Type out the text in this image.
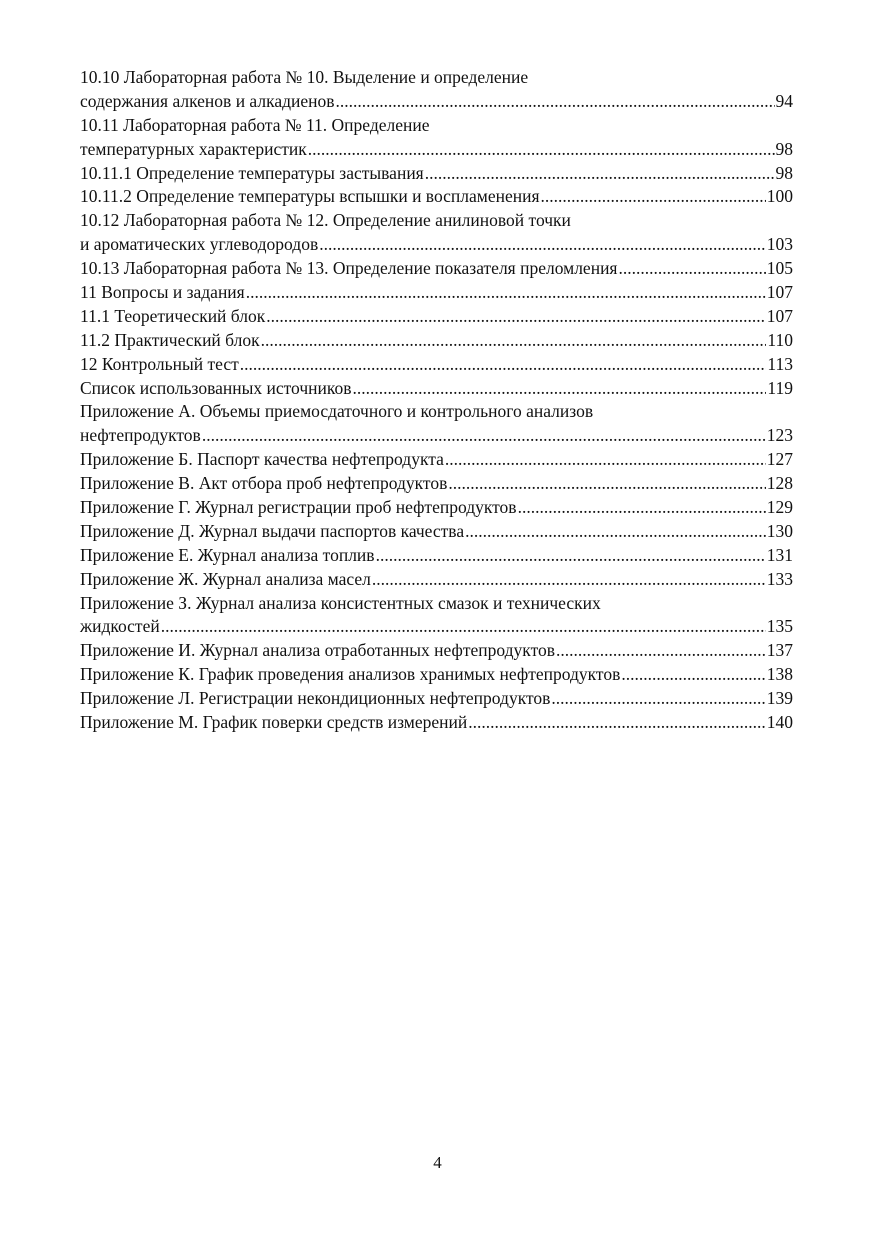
10.10 Лабораторная работа № 10. Выделение и определение
содержания алкенов и алкадиенов .....	94
10.11 Лабораторная работа № 11. Определение
температурных характеристик .....	98
10.11.1 Определение температуры застывания .....	98
10.11.2 Определение температуры вспышки и воспламенения .....	100
10.12 Лабораторная работа № 12. Определение анилиновой точки
и ароматических углеводородов .....	103
10.13 Лабораторная работа № 13. Определение показателя преломления .....	105
11 Вопросы и задания .....	107
11.1 Теоретический блок .....	107
11.2 Практический блок .....	110
12 Контрольный тест .....	113
Список использованных источников .....	119
Приложение А. Объемы приемосдаточного и контрольного анализов
нефтепродуктов .....	123
Приложение Б. Паспорт качества нефтепродукта .....	127
Приложение В. Акт отбора проб нефтепродуктов .....	128
Приложение Г. Журнал регистрации проб нефтепродуктов .....	129
Приложение Д. Журнал выдачи паспортов качества .....	130
Приложение Е. Журнал анализа топлив .....	131
Приложение Ж. Журнал анализа масел .....	133
Приложение З. Журнал анализа консистентных смазок и технических
жидкостей .....	135
Приложение И. Журнал анализа отработанных нефтепродуктов .....	137
Приложение К. График проведения анализов хранимых нефтепродуктов .....	138
Приложение Л. Регистрации некондиционных нефтепродуктов .....	139
Приложение М. График поверки средств измерений .....	140
4
